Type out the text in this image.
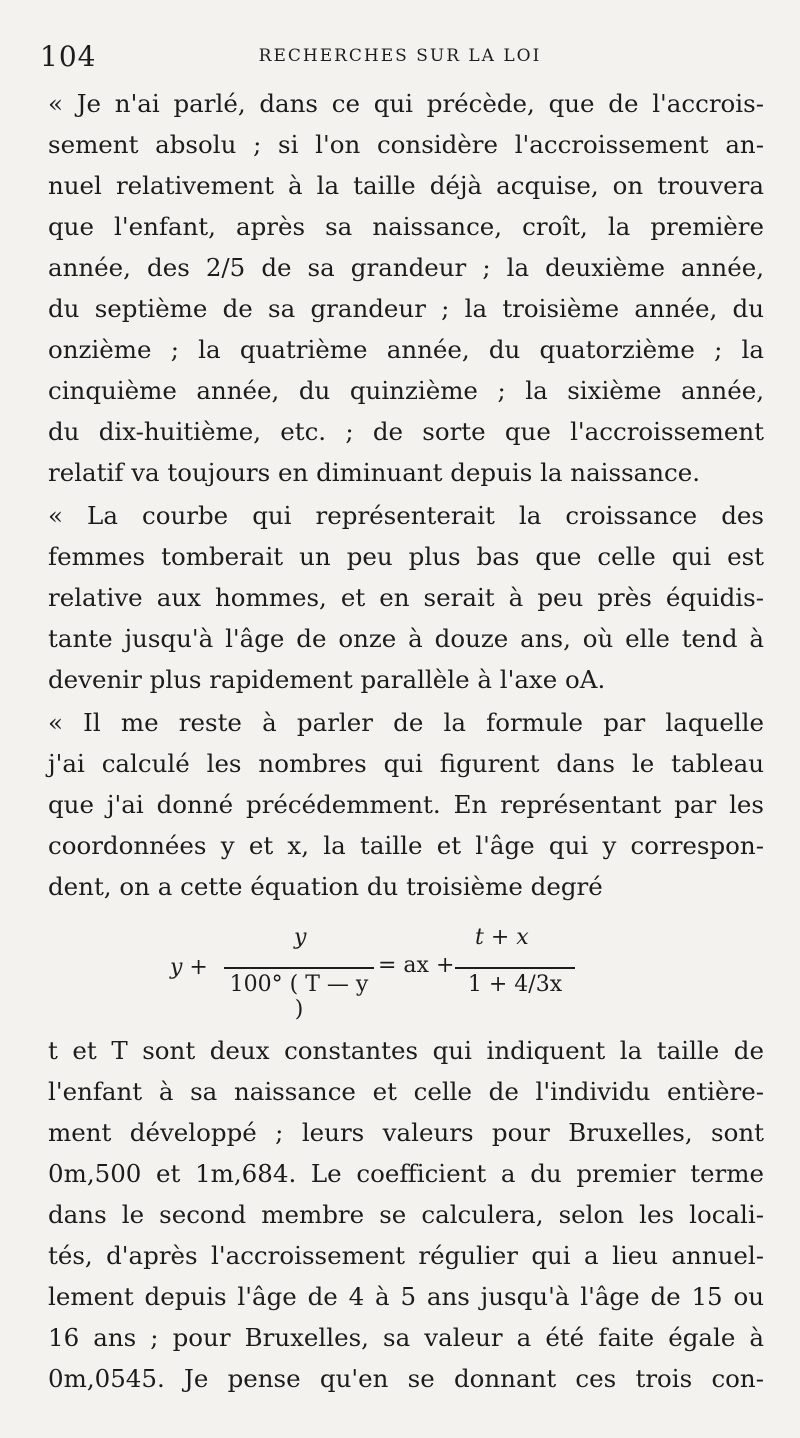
104	RECHERCHES SUR LA LOI
« Je n'ai parlé, dans ce qui précède, que de l'accrois-
sement absolu ; si l'on considère l'accroissement an-
nuel relativement à la taille déjà acquise, on trouvera
que l'enfant, après sa naissance, croît, la première
année, des 2/5 de sa grandeur ; la deuxième année,
du septième de sa grandeur ; la troisième année, du
onzième ; la quatrième année, du quatorzième ; la
cinquième année, du quinzième ; la sixième année,
du dix-huitième, etc. ; de sorte que l'accroissement
relatif va toujours en diminuant depuis la naissance.
« La courbe qui représenterait la croissance des
femmes tomberait un peu plus bas que celle qui est
relative aux hommes, et en serait à peu près équidis-
tante jusqu'à l'âge de onze à douze ans, où elle tend à
devenir plus rapidement parallèle à l'axe oA.
« Il me reste à parler de la formule par laquelle
j'ai calculé les nombres qui figurent dans le tableau
que j'ai donné précédemment. En représentant par les
coordonnées y et x, la taille et l'âge qui y correspon-
dent, on a cette équation du troisième degré
y +
y
100° ( T — y )
= ax +
t + x
1 + 4/3x
t et T sont deux constantes qui indiquent la taille de
l'enfant à sa naissance et celle de l'individu entière-
ment développé ; leurs valeurs pour Bruxelles, sont
0m,500 et 1m,684. Le coefficient a du premier terme
dans le second membre se calculera, selon les locali-
tés, d'après l'accroissement régulier qui a lieu annuel-
lement depuis l'âge de 4 à 5 ans jusqu'à l'âge de 15 ou
16 ans ; pour Bruxelles, sa valeur a été faite égale à
0m,0545. Je pense qu'en se donnant ces trois con-
